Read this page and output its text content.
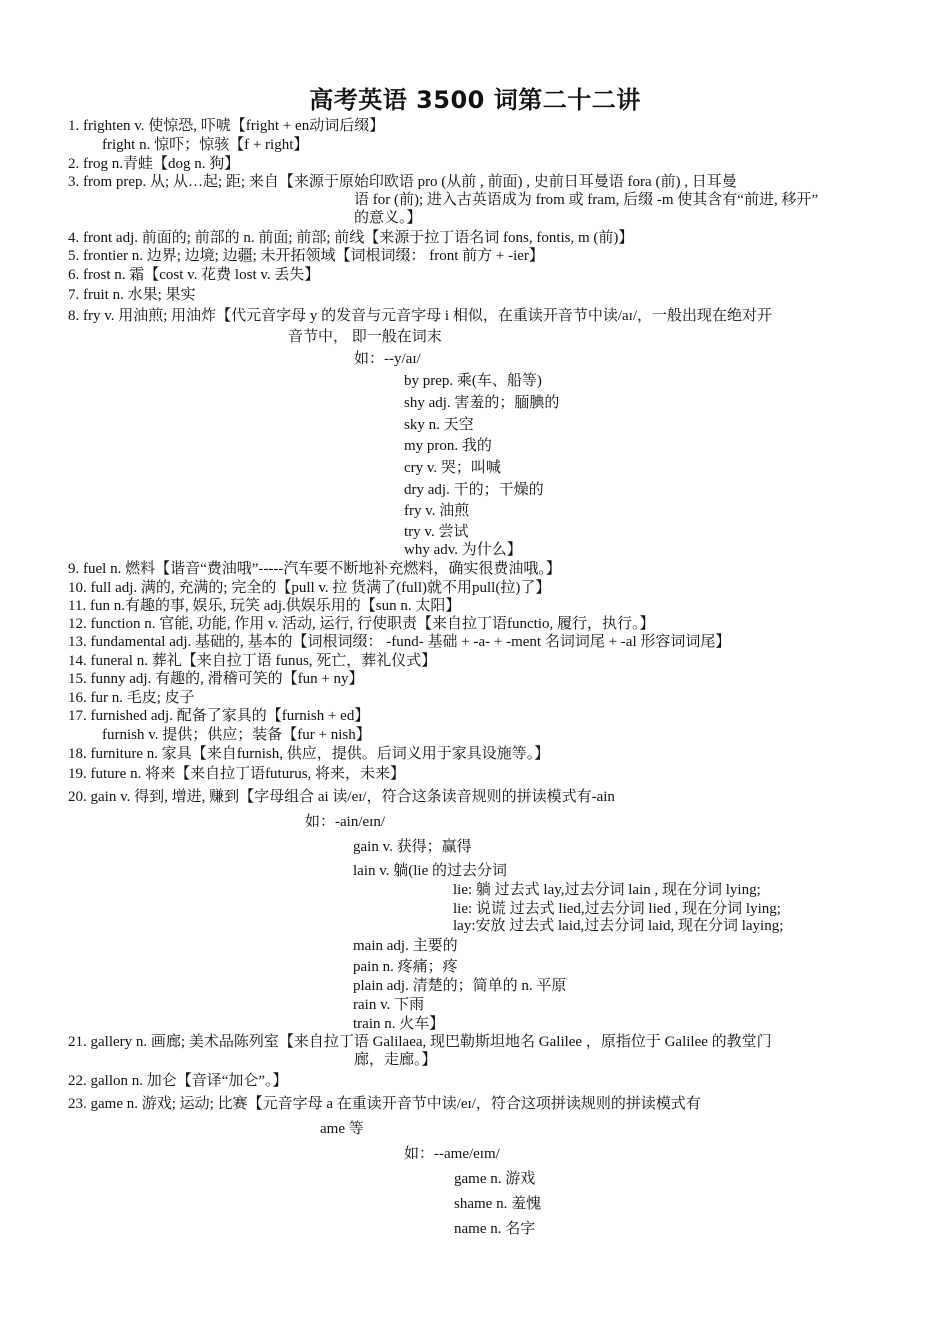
高考英语 3500 词第二十二讲
1. frighten v. 使惊恐, 吓唬【fright + en动词后缀】
fright n. 惊吓；惊骇【f + right】
2. frog n.青蛙【dog n. 狗】
3. from prep. 从; 从…起; 距; 来自【来源于原始印欧语 pro (从前 , 前面) , 史前日耳曼语 fora (前) , 日耳曼
语 for (前); 进入古英语成为 from 或 fram, 后缀 -m 使其含有“前进, 移开”
的意义。】
4. front adj. 前面的; 前部的 n. 前面; 前部; 前线【来源于拉丁语名词 fons, fontis, m (前)】
5. frontier n. 边界; 边境; 边疆; 未开拓领域【词根词缀： front 前方 + -ier】
6. frost n. 霜【cost v. 花费 lost v. 丢失】
7. fruit n. 水果; 果实
8. fry v. 用油煎; 用油炸【代元音字母 y 的发音与元音字母 i 相似，在重读开音节中读/aɪ/，一般出现在绝对开
音节中， 即一般在词末
如：--y/aɪ/
by prep. 乘(车、船等)
shy adj. 害羞的；腼腆的
sky n. 天空
my pron. 我的
cry v. 哭；叫喊
dry adj. 干的；干燥的
fry v. 油煎
try v. 尝试
why adv. 为什么】
9. fuel n. 燃料【谐音“费油哦”-----汽车要不断地补充燃料，确实很费油哦。】
10. full adj. 满的, 充满的; 完全的【pull v. 拉 货满了(full)就不用pull(拉)了】
11. fun n.有趣的事, 娱乐, 玩笑 adj.供娱乐用的【sun n. 太阳】
12. function n. 官能, 功能, 作用 v. 活动, 运行, 行使职责【来自拉丁语functio, 履行，执行。】
13. fundamental adj. 基础的, 基本的【词根词缀： -fund- 基础 + -a- + -ment 名词词尾 + -al 形容词词尾】
14. funeral n. 葬礼【来自拉丁语 funus, 死亡，葬礼仪式】
15. funny adj. 有趣的, 滑稽可笑的【fun + ny】
16. fur n. 毛皮; 皮子
17. furnished adj. 配备了家具的【furnish + ed】
furnish v. 提供；供应；装备【fur + nish】
18. furniture n. 家具【来自furnish, 供应，提供。后词义用于家具设施等。】
19. future n. 将来【来自拉丁语futurus, 将来，未来】
20. gain v. 得到, 增进, 赚到【字母组合 ai 读/eɪ/，符合这条读音规则的拼读模式有-ain
如：-ain/eɪn/
gain v. 获得；赢得
lain v. 躺(lie 的过去分词
lie: 躺 过去式 lay,过去分词 lain , 现在分词 lying;
lie: 说谎 过去式 lied,过去分词 lied , 现在分词 lying;
lay:安放 过去式 laid,过去分词 laid, 现在分词 laying;
main adj. 主要的
pain n. 疼痛；疼
plain adj. 清楚的；简单的 n. 平原
rain v. 下雨
train n. 火车】
21. gallery n. 画廊; 美术品陈列室【来自拉丁语 Galilaea, 现巴勒斯坦地名 Galilee ，原指位于 Galilee 的教堂门
廊，走廊。】
22. gallon n. 加仑【音译“加仑”。】
23. game n. 游戏; 运动; 比赛【元音字母 a 在重读开音节中读/eɪ/，符合这项拼读规则的拼读模式有
ame 等
如：--ame/eɪm/
game n. 游戏
shame n. 羞愧
name n. 名字
